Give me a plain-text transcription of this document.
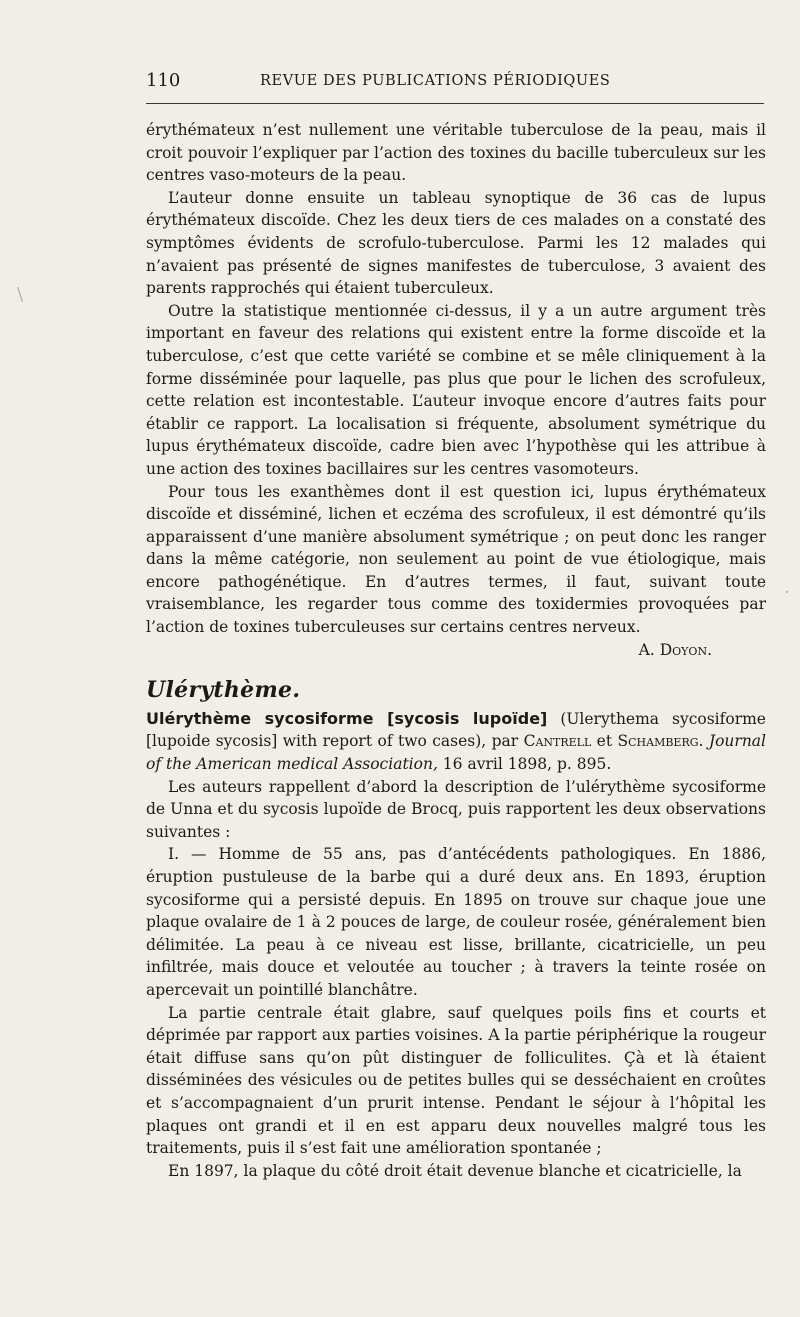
\
·
110	REVUE DES PUBLICATIONS PÉRIODIQUES

érythémateux n’est nullement une véritable tuberculose de la peau, mais il croit pouvoir l’expliquer par l’action des toxines du bacille tuberculeux sur les centres vaso-moteurs de la peau.

L’auteur donne ensuite un tableau synoptique de 36 cas de lupus érythémateux discoïde. Chez les deux tiers de ces malades on a constaté des symptômes évidents de scrofulo-tuberculose. Parmi les 12 malades qui n’avaient pas présenté de signes manifestes de tuberculose, 3 avaient des parents rapprochés qui étaient tuberculeux.

Outre la statistique mentionnée ci-dessus, il y a un autre argument très important en faveur des relations qui existent entre la forme discoïde et la tuberculose, c’est que cette variété se combine et se mêle cliniquement à la forme disséminée pour laquelle, pas plus que pour le lichen des scrofuleux, cette relation est incontestable. L’auteur invoque encore d’autres faits pour établir ce rapport. La localisation si fréquente, absolument symétrique du lupus érythémateux discoïde, cadre bien avec l’hypothèse qui les attribue à une action des toxines bacillaires sur les centres vasomoteurs.

Pour tous les exanthèmes dont il est question ici, lupus érythémateux discoïde et disséminé, lichen et eczéma des scrofuleux, il est démontré qu’ils apparaissent d’une manière absolument symétrique ; on peut donc les ranger dans la même catégorie, non seulement au point de vue étiologique, mais encore pathogénétique. En d’autres termes, il faut, suivant toute vraisemblance, les regarder tous comme des toxidermies provoquées par l’action de toxines tuberculeuses sur certains centres nerveux.

A. Doyon.
Ulérythème.

Ulérythème sycosiforme [sycosis lupoïde] (Ulerythema sycosiforme [lupoide sycosis] with report of two cases), par Cantrell et Schamberg. Journal of the American medical Association, 16 avril 1898, p. 895.

Les auteurs rappellent d’abord la description de l’ulérythème sycosiforme de Unna et du sycosis lupoïde de Brocq, puis rapportent les deux observations suivantes :

I. — Homme de 55 ans, pas d’antécédents pathologiques. En 1886, éruption pustuleuse de la barbe qui a duré deux ans. En 1893, éruption sycosiforme qui a persisté depuis. En 1895 on trouve sur chaque joue une plaque ovalaire de 1 à 2 pouces de large, de couleur rosée, généralement bien délimitée. La peau à ce niveau est lisse, brillante, cicatricielle, un peu infiltrée, mais douce et veloutée au toucher ; à travers la teinte rosée on apercevait un pointillé blanchâtre.

La partie centrale était glabre, sauf quelques poils fins et courts et déprimée par rapport aux parties voisines. A la partie périphérique la rougeur était diffuse sans qu’on pût distinguer de folliculites. Çà et là étaient disséminées des vésicules ou de petites bulles qui se desséchaient en croûtes et s’accompagnaient d’un prurit intense. Pendant le séjour à l’hôpital les plaques ont grandi et il en est apparu deux nouvelles malgré tous les traitements, puis il s’est fait une amélioration spontanée ;

En 1897, la plaque du côté droit était devenue blanche et cicatricielle, la
